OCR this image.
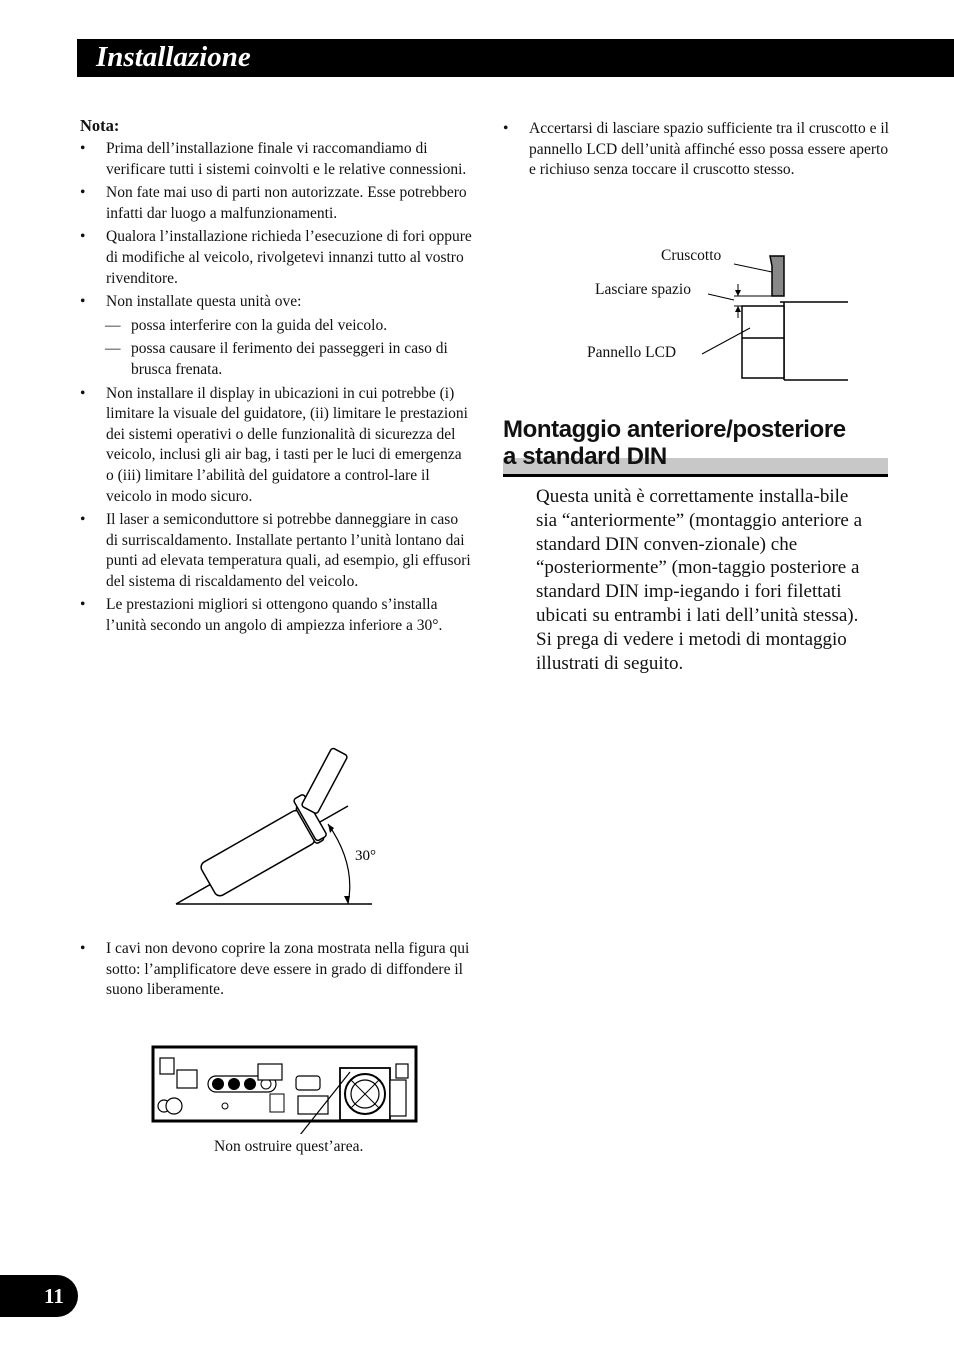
Installazione
Nota:
• Prima dell’installazione finale vi raccomandiamo di verificare tutti i sistemi coinvolti e le relative connessioni.
• Non fate mai uso di parti non autorizzate. Esse potrebbero infatti dar luogo a malfunzionamenti.
• Qualora l’installazione richieda l’esecuzione di fori oppure di modifiche al veicolo, rivolgetevi innanzi tutto al vostro rivenditore.
• Non installate questa unità ove:
— possa interferire con la guida del veicolo.
— possa causare il ferimento dei passeggeri in caso di brusca frenata.
• Non installare il display in ubicazioni in cui potrebbe (i) limitare la visuale del guidatore, (ii) limitare le prestazioni dei sistemi operativi o delle funzionalità di sicurezza del veicolo, inclusi gli air bag, i tasti per le luci di emergenza o (iii) limitare l’abilità del guidatore a control-lare il veicolo in modo sicuro.
• Il laser a semiconduttore si potrebbe danneggiare in caso di surriscaldamento. Installate pertanto l’unità lontano dai punti ad elevata temperatura quali, ad esempio, gli effusori del sistema di riscaldamento del veicolo.
• Le prestazioni migliori si ottengono quando s’installa l’unità secondo un angolo di ampiezza inferiore a 30°.
30°
• I cavi non devono coprire la zona mostrata nella figura qui sotto: l’amplificatore deve essere in grado di diffondere il suono liberamente.
Non ostruire quest’area.
• Accertarsi di lasciare spazio sufficiente tra il cruscotto e il pannello LCD dell’unità affinché esso possa essere aperto e richiuso senza toccare il cruscotto stesso.
Cruscotto
Lasciare spazio
Pannello LCD
Montaggio anteriore/posteriore
a standard DIN
Questa unità è correttamente installa-bile sia “anteriormente” (montaggio anteriore a standard DIN conven-zionale) che “posteriormente” (mon-taggio posteriore a standard DIN imp-iegando i fori filettati ubicati su entrambi i lati dell’unità stessa). Si prega di vedere i metodi di montaggio illustrati di seguito.
11
